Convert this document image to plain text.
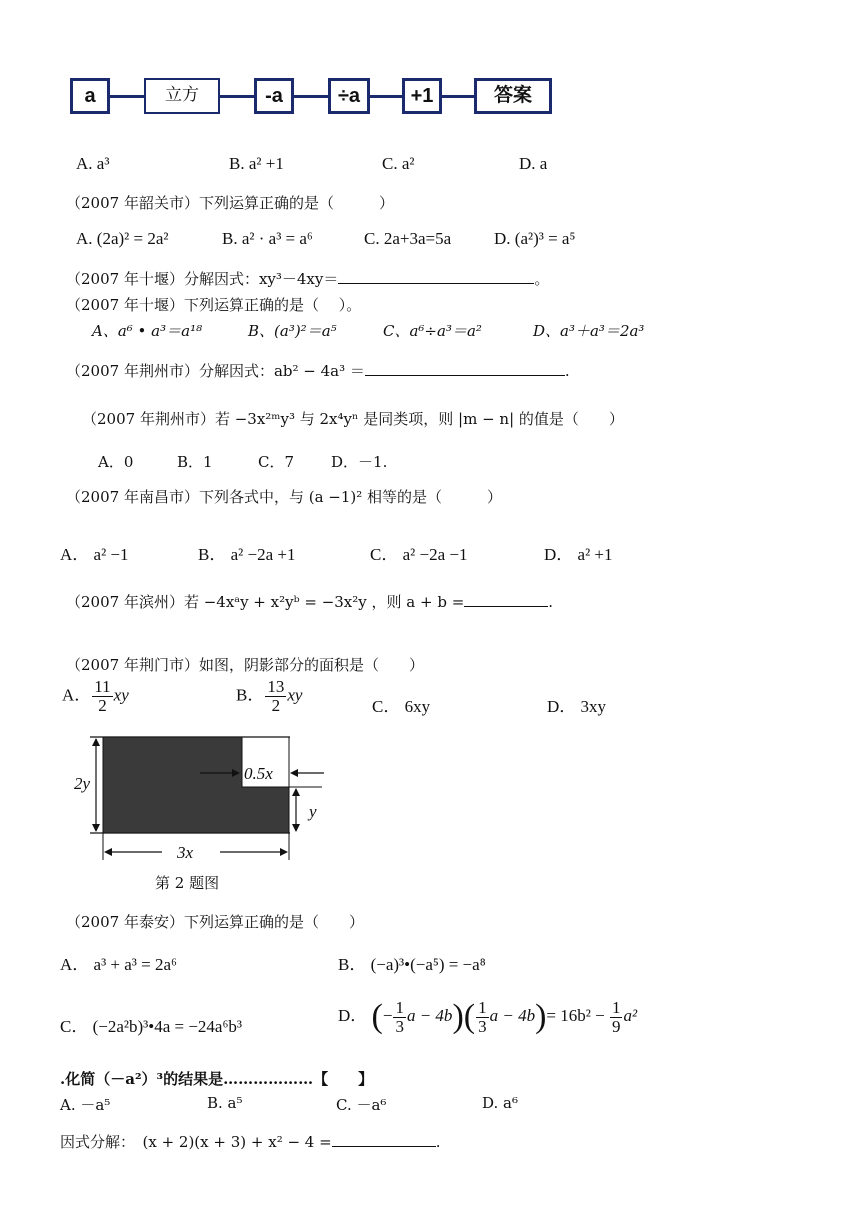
a	立方	-a	÷a	+1	答案
A. a³	B. a² +1	C. a²	D. a
（2007 年韶关市）下列运算正确的是（　　　）
A. (2a)² = 2a²	B. a² · a³ = a⁶	C. 2a+3a=5a	D. (a²)³ = a⁵
（2007 年十堰）分解因式：xy³－4xy＝	。
（2007 年十堰）下列运算正确的是（　 ）。
A、a⁶ • a³＝a¹⁸	B、(a³)²＝a⁵	C、a⁶÷a³＝a²	D、a³＋a³＝2a³
（2007 年荆州市）分解因式：ab² − 4a³ ＝	.
（2007 年荆州市）若 −3x²ᵐy³ 与 2x⁴yⁿ 是同类项，则 |m − n| 的值是（　　）
A．0	B．1	C．7 D．－1.
（2007 年南昌市）下列各式中，与 (a −1)² 相等的是（　　　）
A． a² −1	B． a² −2a +1	C． a² −2a −1	D． a² +1
（2007 年滨州）若 −4xᵃy + x²yᵇ = −3x²y ，则 a + b =	.
（2007 年荆门市）如图，阴影部分的面积是（　　）
A． $\frac{11}{2}$ xy	B． $\frac{13}{2}$ xy
C． 6xy	D． 3xy
2y
0.5x
y
3x
第 2 题图
（2007 年泰安）下列运算正确的是（　　）
A． a³ + a³ = 2a⁶	B． (−a)³•(−a⁵) = −a⁸
C． (−2a²b)³•4a = −24a⁶b³
D． (− $\frac{1}{3}$ $a - 4b)( \frac{1}{3}$ $a - 4b)= 16b^2 - \frac{1}{9} a^2$
.化简（－a²）³的结果是………………【　　】
A. －a⁵	B. a⁵	C. －a⁶	D. a⁶
因式分解：　(x + 2)(x + 3) + x² − 4 =	.
